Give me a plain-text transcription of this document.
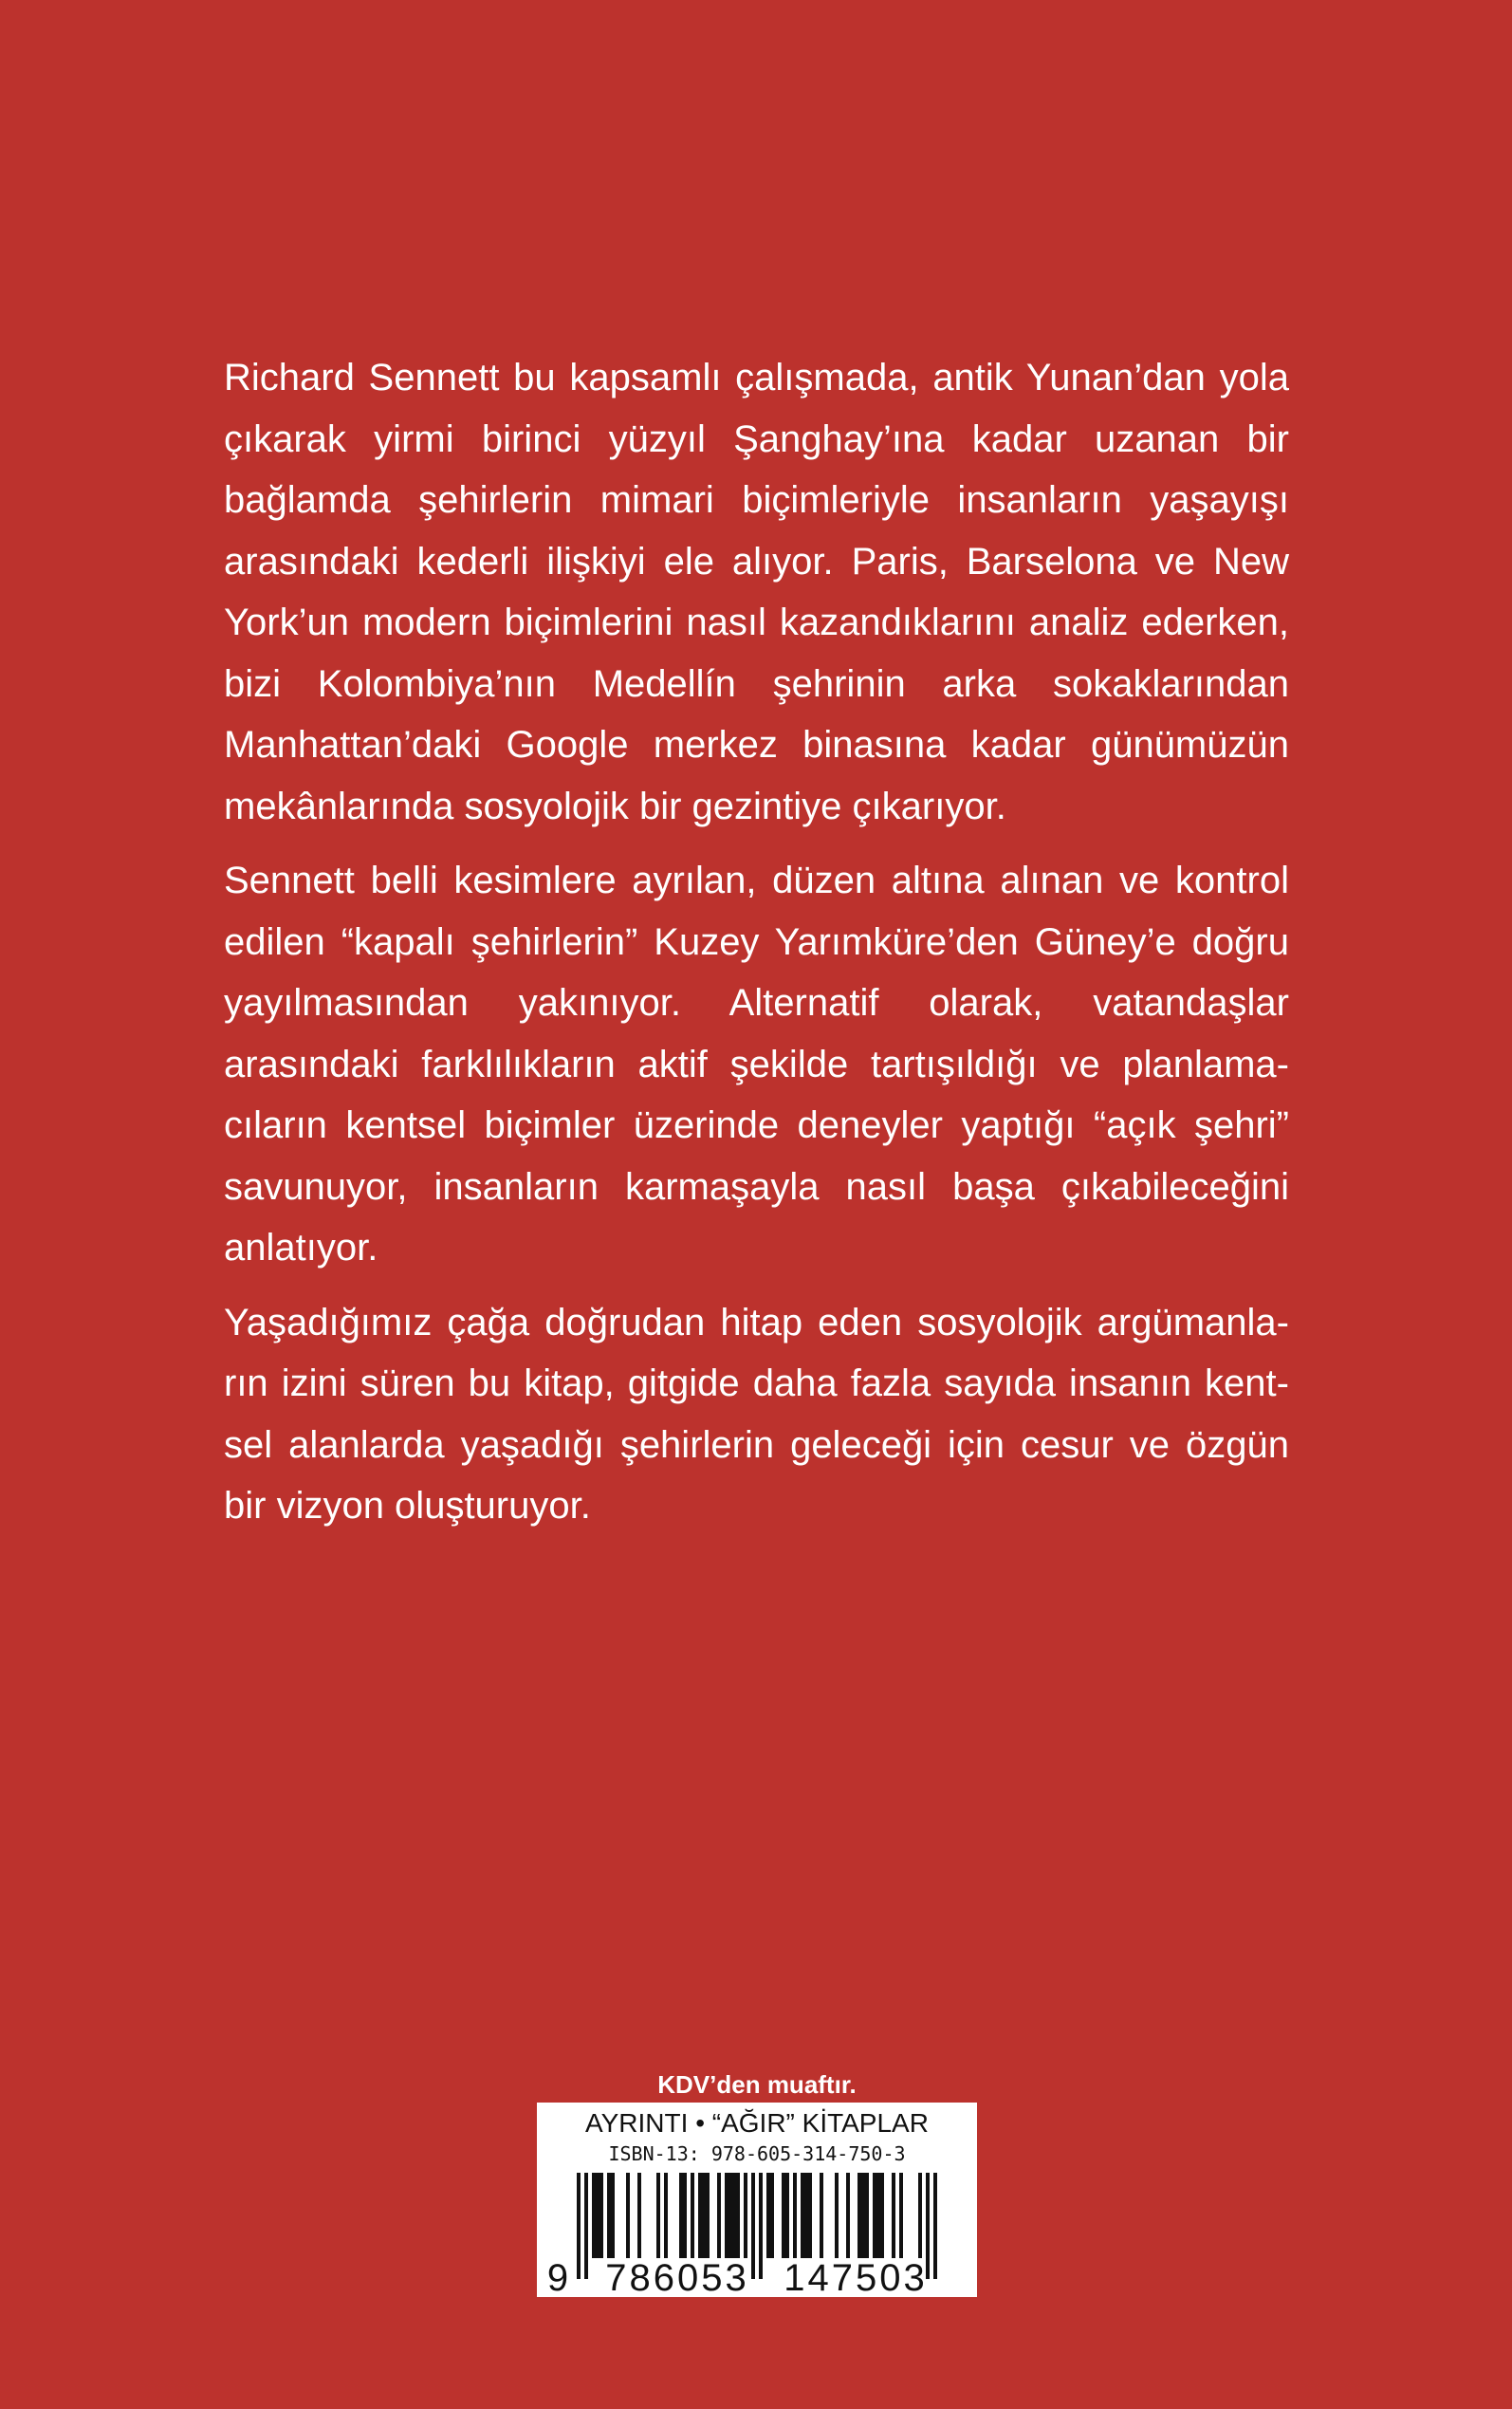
Richard Sennett bu kapsamlı çalışmada, antik Yunan’dan yola çıkarak yirmi birinci yüzyıl Şanghay’ına kadar uzanan bir bağlamda şehirlerin mimari biçimleriyle insanların yaşayışı arasındaki kederli ilişkiyi ele alıyor. Paris, Barselona ve New York’un modern biçimlerini nasıl kazandıklarını analiz ederken, bizi Kolombiya’nın Medellín şehrinin arka sokaklarından Manhattan’daki Google merkez binasına kadar günümüzün mekânlarında sosyolojik bir gezintiye çıkarıyor.

Sennett belli kesimlere ayrılan, düzen altına alınan ve kontrol edilen “kapalı şehirlerin” Kuzey Yarımküre’den Güney’e doğru yayılmasından yakınıyor. Alternatif olarak, vatandaşlar arasındaki farklılıkların aktif şekilde tartışıldığı ve planlamacıların kentsel biçimler üzerinde deneyler yaptığı “açık şehri” savunuyor, insanların karmaşayla nasıl başa çıkabileceğini anlatıyor.

Yaşadığımız çağa doğrudan hitap eden sosyolojik argümanların izini süren bu kitap, gitgide daha fazla sayıda insanın kentsel alanlarda yaşadığı şehirlerin geleceği için cesur ve özgün bir vizyon oluşturuyor.

KDV’den muaftır.
AYRINTI • “AĞIR” KİTAPLAR
ISBN-13: 978-605-314-750-3
9 786053 147503
